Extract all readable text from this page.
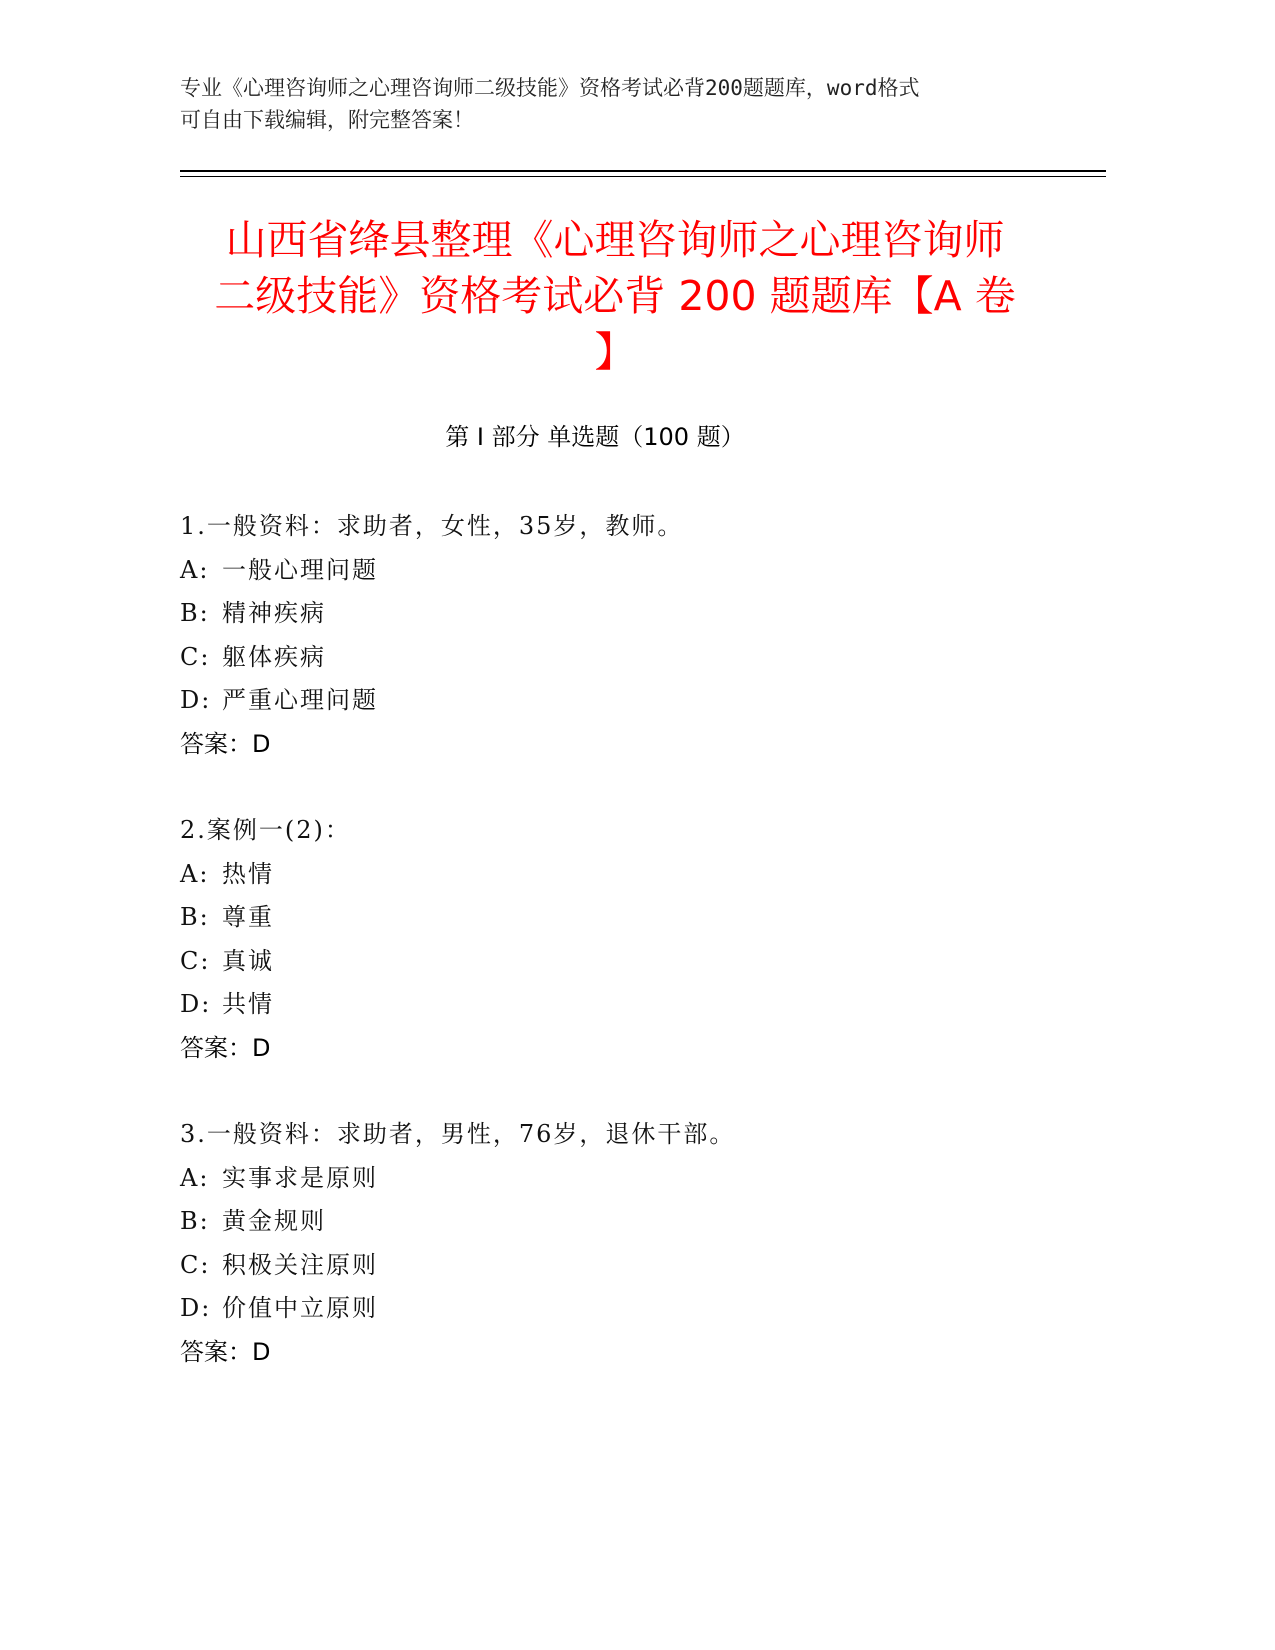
专业《心理咨询师之心理咨询师二级技能》资格考试必背200题题库，word格式
可自由下载编辑，附完整答案！
山西省绛县整理《心理咨询师之心理咨询师
二级技能》资格考试必背 200 题题库【A 卷
】
第 I 部分 单选题（100 题）
1.一般资料：求助者，女性，35岁，教师。
A: 一般心理问题
B: 精神疾病
C: 躯体疾病
D: 严重心理问题
答案：D
2.案例一(2)：
A: 热情
B: 尊重
C: 真诚
D: 共情
答案：D
3.一般资料：求助者，男性，76岁，退休干部。
A: 实事求是原则
B: 黄金规则
C: 积极关注原则
D: 价值中立原则
答案：D
